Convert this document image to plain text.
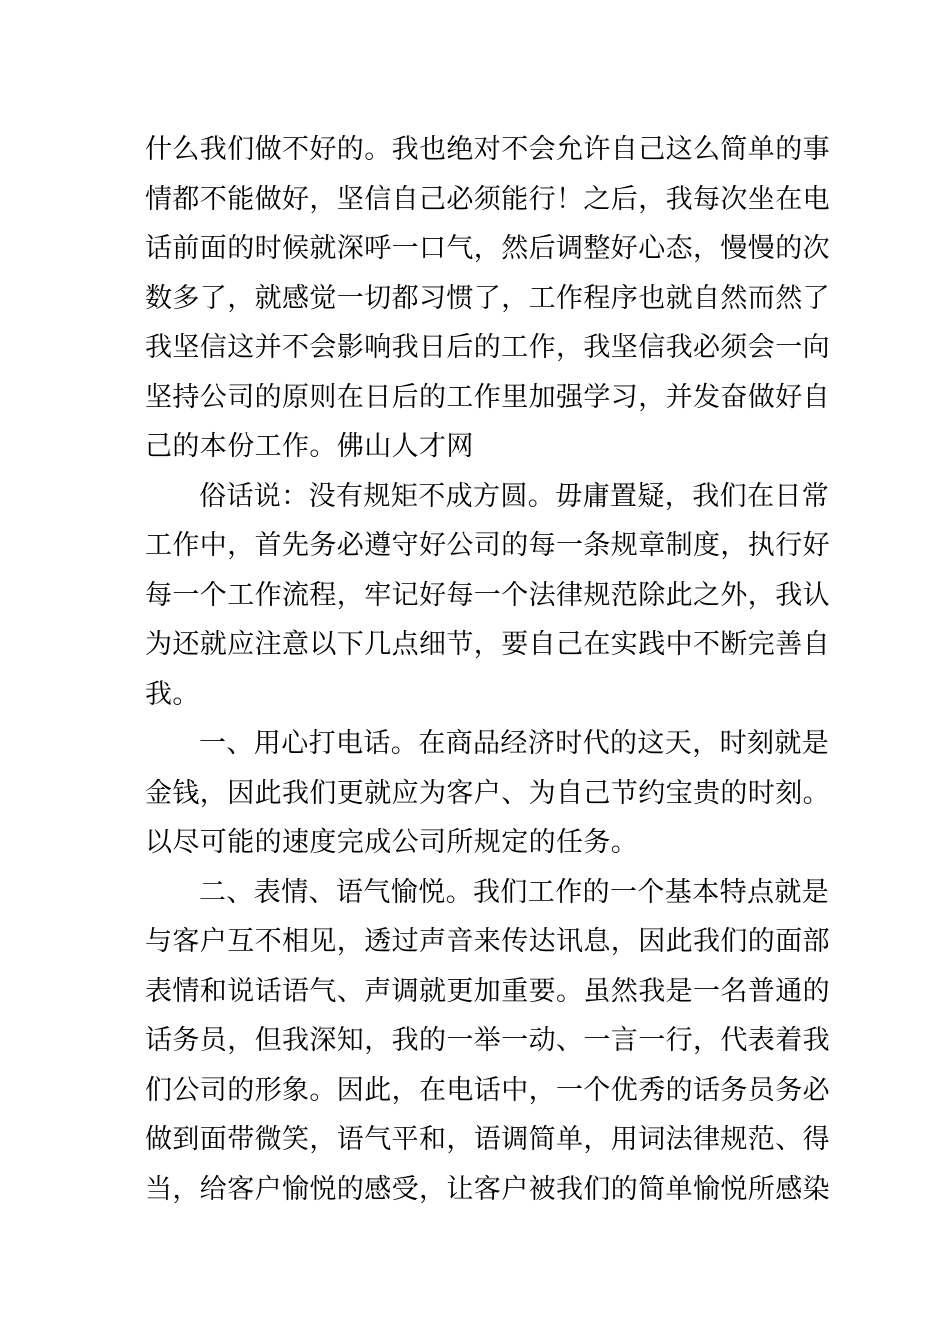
什么我们做不好的。我也绝对不会允许自己这么简单的事
情都不能做好，坚信自己必须能行！之后，我每次坐在电
话前面的时候就深呼一口气，然后调整好心态，慢慢的次
数多了，就感觉一切都习惯了，工作程序也就自然而然了
我坚信这并不会影响我日后的工作，我坚信我必须会一向
坚持公司的原则在日后的工作里加强学习，并发奋做好自
己的本份工作。佛山人才网
俗话说：没有规矩不成方圆。毋庸置疑，我们在日常
工作中，首先务必遵守好公司的每一条规章制度，执行好
每一个工作流程，牢记好每一个法律规范除此之外，我认
为还就应注意以下几点细节，要自己在实践中不断完善自
我。
一、用心打电话。在商品经济时代的这天，时刻就是
金钱，因此我们更就应为客户、为自己节约宝贵的时刻。
以尽可能的速度完成公司所规定的任务。
二、表情、语气愉悦。我们工作的一个基本特点就是
与客户互不相见，透过声音来传达讯息，因此我们的面部
表情和说话语气、声调就更加重要。虽然我是一名普通的
话务员，但我深知，我的一举一动、一言一行，代表着我
们公司的形象。因此，在电话中，一个优秀的话务员务必
做到面带微笑，语气平和，语调简单，用词法律规范、得
当，给客户愉悦的感受，让客户被我们的简单愉悦所感染
